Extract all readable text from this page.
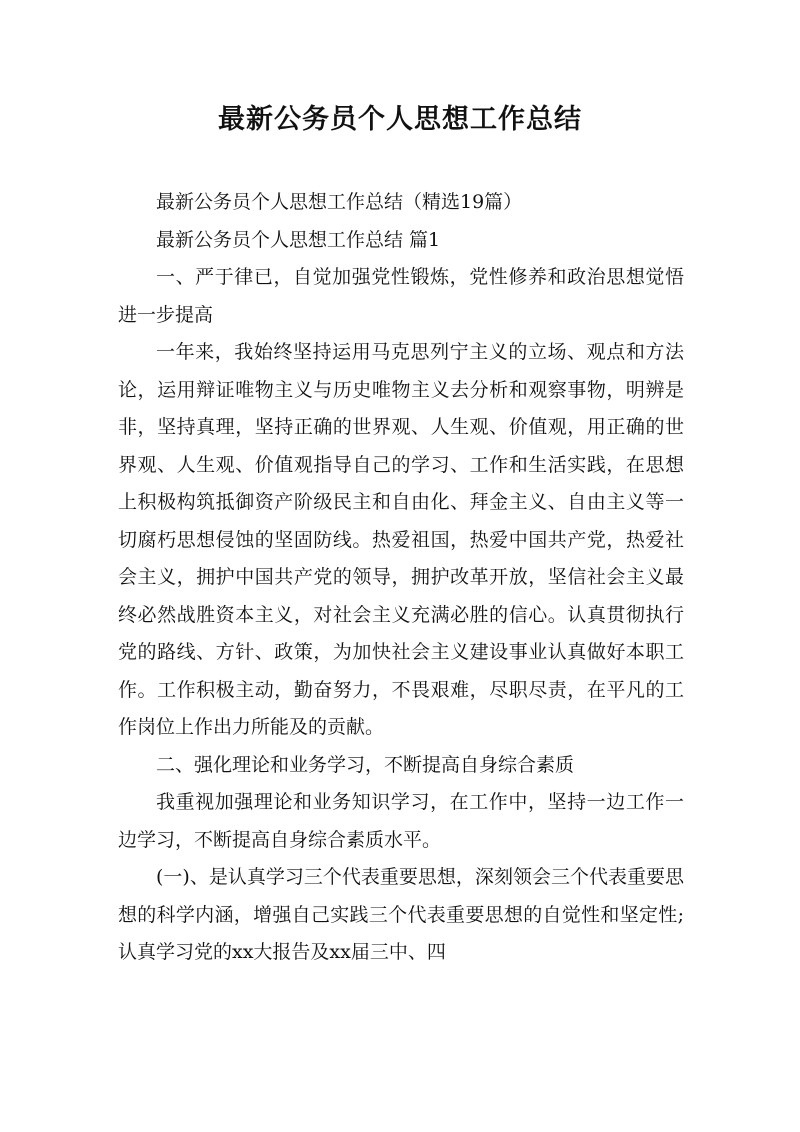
最新公务员个人思想工作总结

最新公务员个人思想工作总结（精选19篇）

最新公务员个人思想工作总结 篇1

一、严于律已，自觉加强党性锻炼，党性修养和政治思想觉悟进一步提高

一年来，我始终坚持运用马克思列宁主义的立场、观点和方法论，运用辩证唯物主义与历史唯物主义去分析和观察事物，明辨是非，坚持真理，坚持正确的世界观、人生观、价值观，用正确的世界观、人生观、价值观指导自己的学习、工作和生活实践，在思想上积极构筑抵御资产阶级民主和自由化、拜金主义、自由主义等一切腐朽思想侵蚀的坚固防线。热爱祖国，热爱中国共产党，热爱社会主义，拥护中国共产党的领导，拥护改革开放，坚信社会主义最终必然战胜资本主义，对社会主义充满必胜的信心。认真贯彻执行党的路线、方针、政策，为加快社会主义建设事业认真做好本职工作。工作积极主动，勤奋努力，不畏艰难，尽职尽责，在平凡的工作岗位上作出力所能及的贡献。

二、强化理论和业务学习，不断提高自身综合素质

我重视加强理论和业务知识学习，在工作中，坚持一边工作一边学习，不断提高自身综合素质水平。

(一)、是认真学习三个代表重要思想，深刻领会三个代表重要思想的科学内涵，增强自己实践三个代表重要思想的自觉性和坚定性;认真学习党的xx大报告及xx届三中、四
